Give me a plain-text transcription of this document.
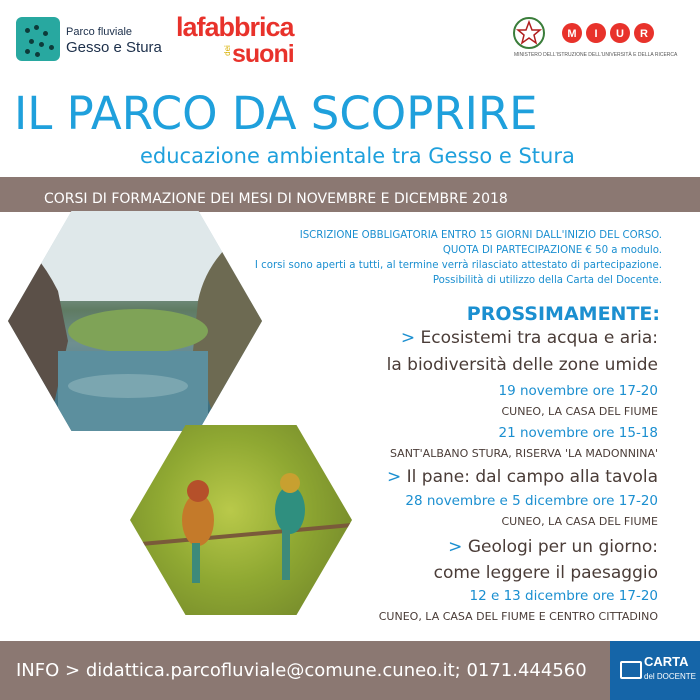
Parco fluviale
Gesso e Stura
lafabbrica
dei suoni
M I U R
MINISTERO DELL'ISTRUZIONE DELL'UNIVERSITÀ E DELLA RICERCA
IL PARCO DA SCOPRIRE
educazione ambientale tra Gesso e Stura
CORSI DI FORMAZIONE DEI MESI DI NOVEMBRE E DICEMBRE 2018
ISCRIZIONE OBBLIGATORIA ENTRO 15 GIORNI DALL'INIZIO DEL CORSO.
QUOTA DI PARTECIPAZIONE € 50 a modulo.
I corsi sono aperti a tutti, al termine verrà rilasciato attestato di partecipazione.
Possibilità di utilizzo della Carta del Docente.
PROSSIMAMENTE:
> Ecosistemi tra acqua e aria:
la biodiversità delle zone umide
19 novembre ore 17-20
CUNEO, LA CASA DEL FIUME
21 novembre ore 15-18
SANT'ALBANO STURA, RISERVA 'LA MADONNINA'
> Il pane: dal campo alla tavola
28 novembre e 5 dicembre ore 17-20
CUNEO, LA CASA DEL FIUME
> Geologi per un giorno:
come leggere il paesaggio
12 e 13 dicembre ore 17-20
CUNEO, LA CASA DEL FIUME E CENTRO CITTADINO
INFO > didattica.parcofluviale@comune.cuneo.it; 0171.444560	CARTA
del DOCENTE
